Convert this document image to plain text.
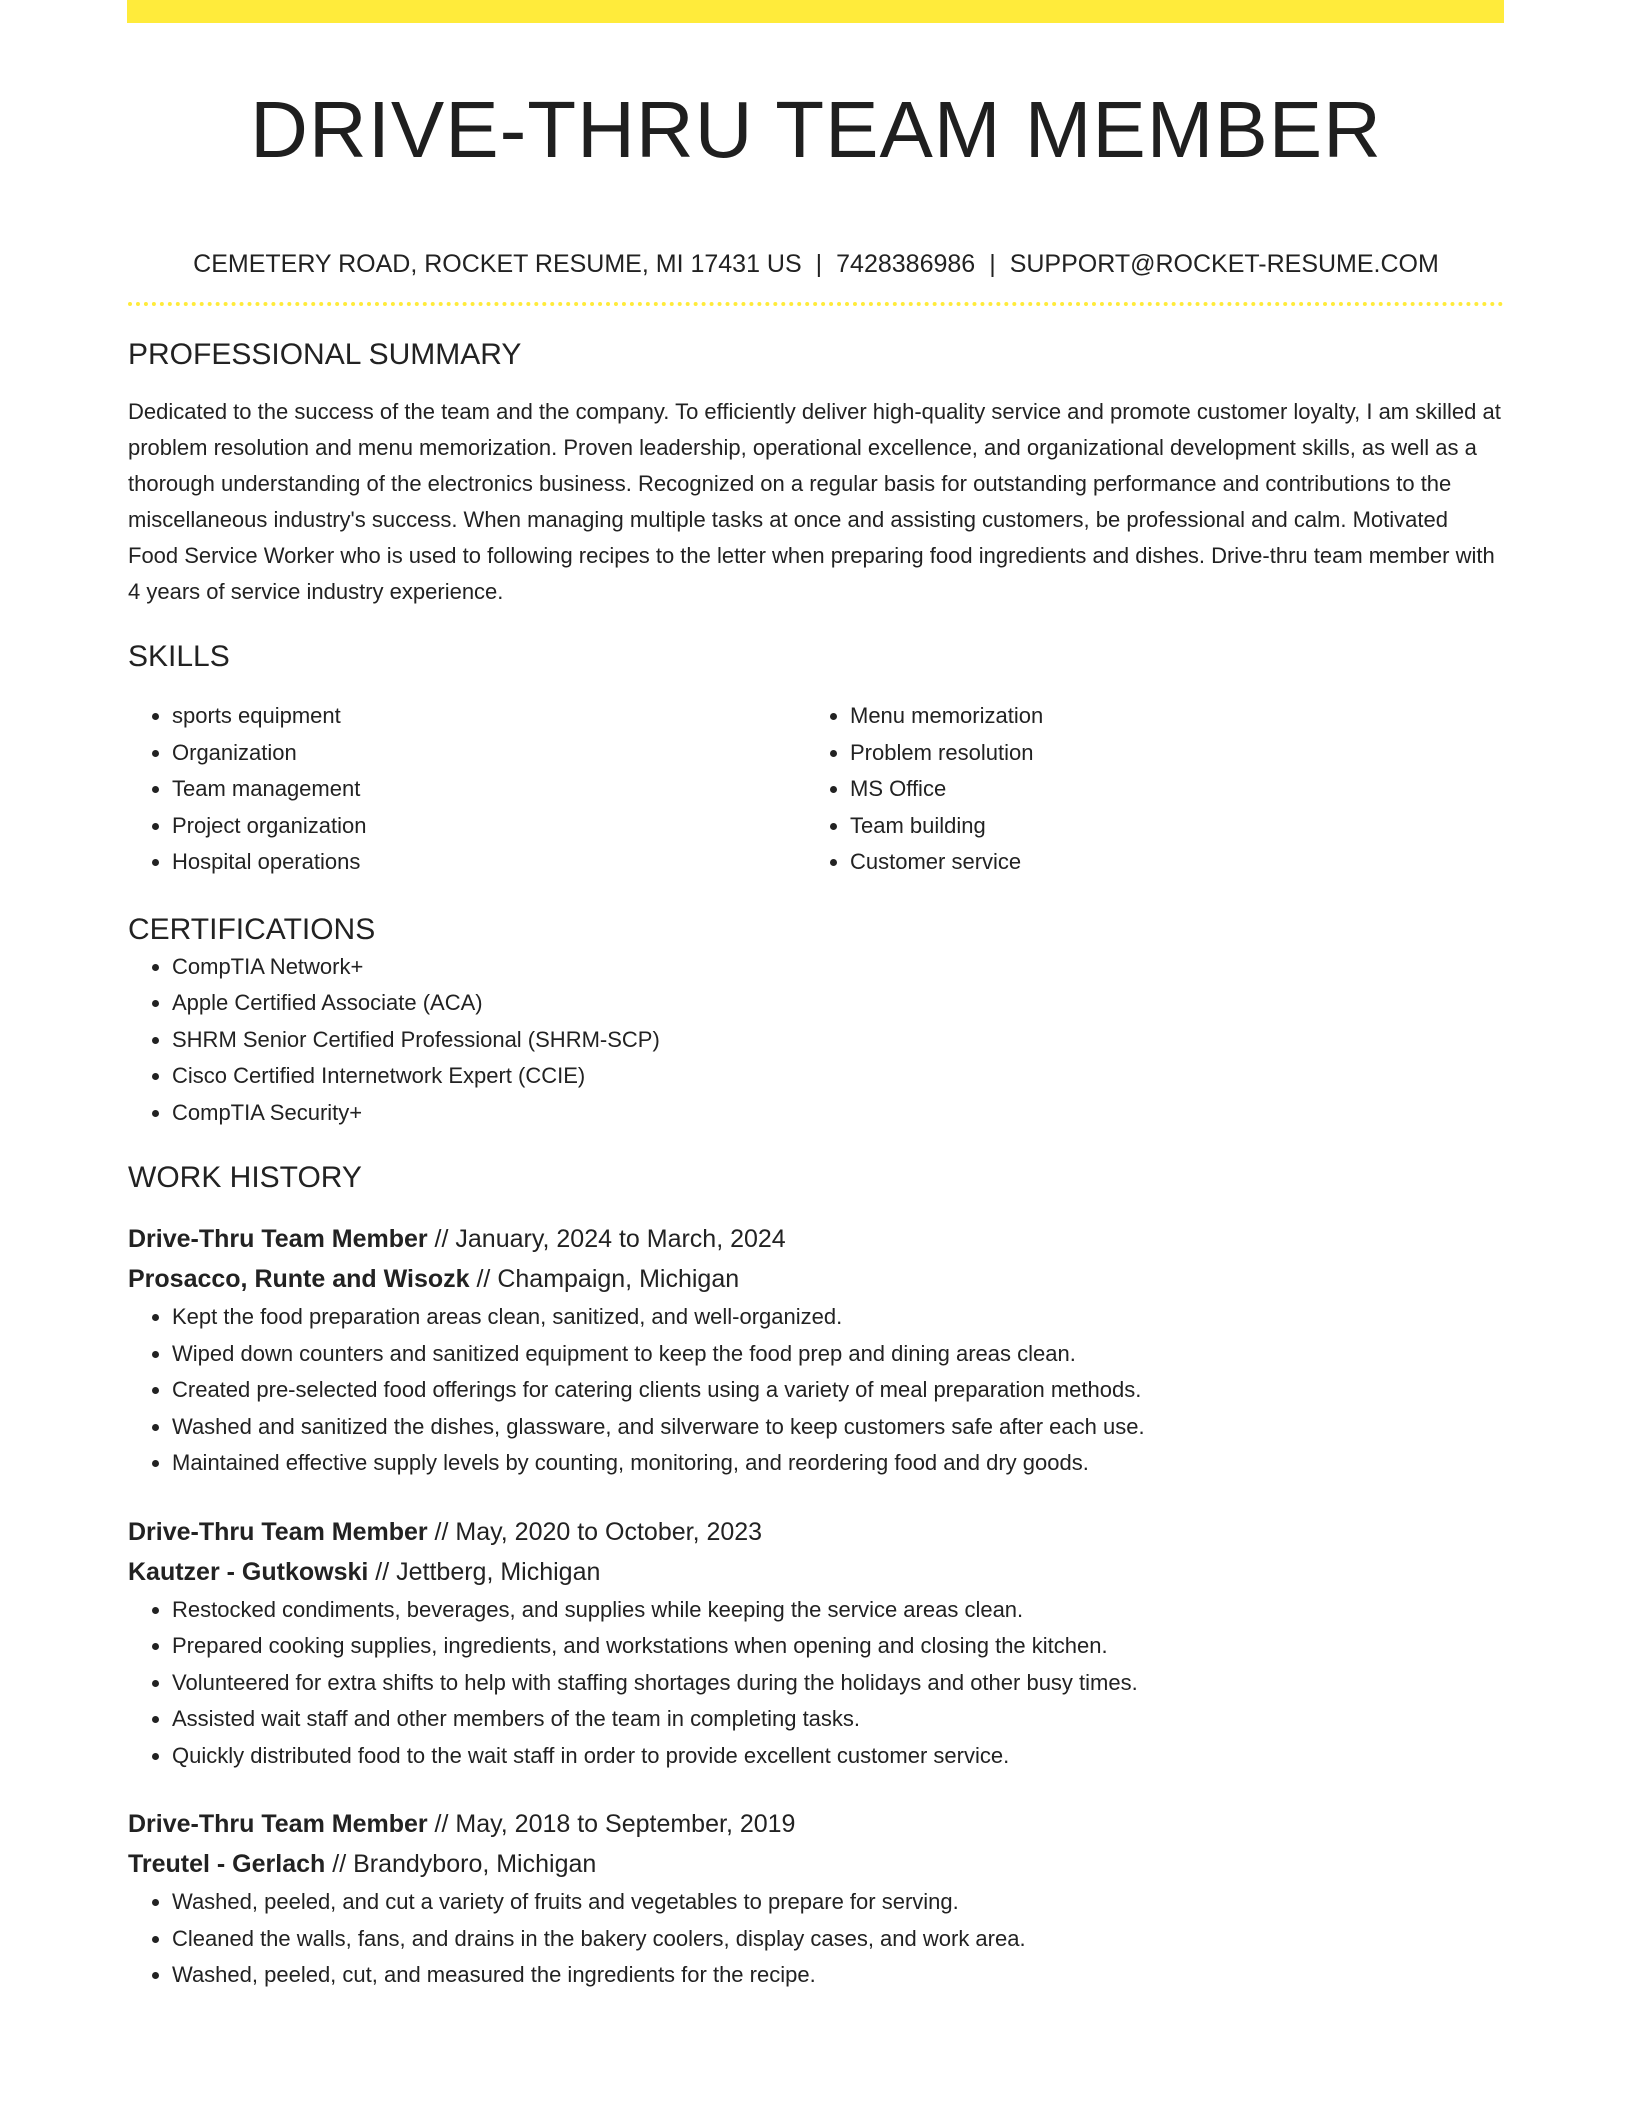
DRIVE-THRU TEAM MEMBER
CEMETERY ROAD, ROCKET RESUME, MI 17431 US | 7428386986 | SUPPORT@ROCKET-RESUME.COM
PROFESSIONAL SUMMARY

Dedicated to the success of the team and the company. To efficiently deliver high-quality service and promote customer loyalty, I am skilled at problem resolution and menu memorization. Proven leadership, operational excellence, and organizational development skills, as well as a thorough understanding of the electronics business. Recognized on a regular basis for outstanding performance and contributions to the miscellaneous industry's success. When managing multiple tasks at once and assisting customers, be professional and calm. Motivated Food Service Worker who is used to following recipes to the letter when preparing food ingredients and dishes. Drive-thru team member with 4 years of service industry experience.

SKILLS
• sports equipment
• Organization
• Team management
• Project organization
• Hospital operations
• Menu memorization
• Problem resolution
• MS Office
• Team building
• Customer service
CERTIFICATIONS
• CompTIA Network+
• Apple Certified Associate (ACA)
• SHRM Senior Certified Professional (SHRM-SCP)
• Cisco Certified Internetwork Expert (CCIE)
• CompTIA Security+
WORK HISTORY
Drive-Thru Team Member // January, 2024 to March, 2024
Prosacco, Runte and Wisozk // Champaign, Michigan
• Kept the food preparation areas clean, sanitized, and well-organized.
• Wiped down counters and sanitized equipment to keep the food prep and dining areas clean.
• Created pre-selected food offerings for catering clients using a variety of meal preparation methods.
• Washed and sanitized the dishes, glassware, and silverware to keep customers safe after each use.
• Maintained effective supply levels by counting, monitoring, and reordering food and dry goods.
Drive-Thru Team Member // May, 2020 to October, 2023
Kautzer - Gutkowski // Jettberg, Michigan
• Restocked condiments, beverages, and supplies while keeping the service areas clean.
• Prepared cooking supplies, ingredients, and workstations when opening and closing the kitchen.
• Volunteered for extra shifts to help with staffing shortages during the holidays and other busy times.
• Assisted wait staff and other members of the team in completing tasks.
• Quickly distributed food to the wait staff in order to provide excellent customer service.
Drive-Thru Team Member // May, 2018 to September, 2019
Treutel - Gerlach // Brandyboro, Michigan
• Washed, peeled, and cut a variety of fruits and vegetables to prepare for serving.
• Cleaned the walls, fans, and drains in the bakery coolers, display cases, and work area.
• Washed, peeled, cut, and measured the ingredients for the recipe.
